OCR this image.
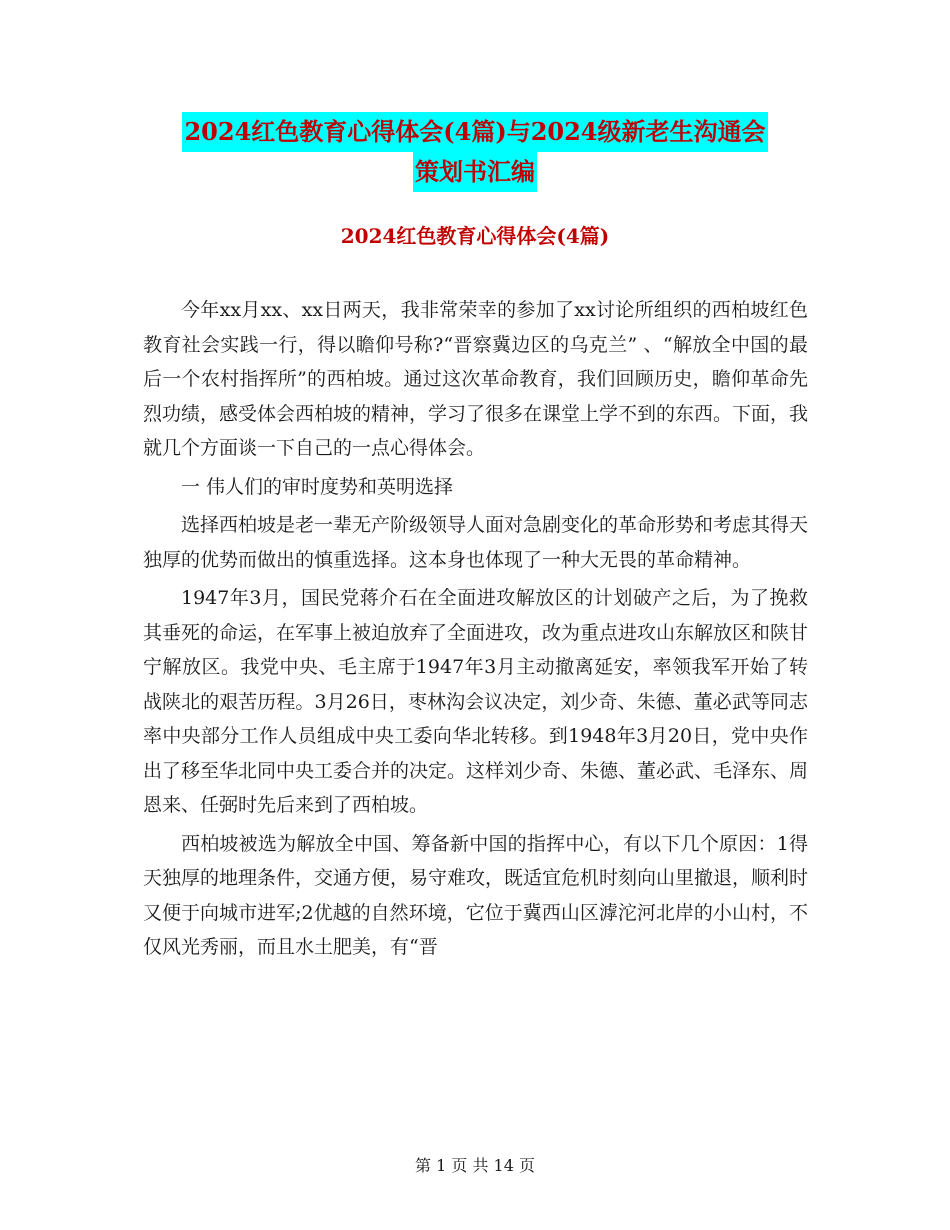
2024红色教育心得体会(4篇)与2024级新老生沟通会
策划书汇编
2024红色教育心得体会(4篇)

今年xx月xx、xx日两天，我非常荣幸的参加了xx讨论所组织的西柏坡红色教育社会实践一行，得以瞻仰号称?“晋察冀边区的乌克兰” 、“解放全中国的最后一个农村指挥所”的西柏坡。通过这次革命教育，我们回顾历史，瞻仰革命先烈功绩，感受体会西柏坡的精神，学习了很多在课堂上学不到的东西。下面，我就几个方面谈一下自己的一点心得体会。

一 伟人们的审时度势和英明选择

选择西柏坡是老一辈无产阶级领导人面对急剧变化的革命形势和考虑其得天独厚的优势而做出的慎重选择。这本身也体现了一种大无畏的革命精神。

1947年3月，国民党蒋介石在全面进攻解放区的计划破产之后，为了挽救其垂死的命运，在军事上被迫放弃了全面进攻，改为重点进攻山东解放区和陕甘宁解放区。我党中央、毛主席于1947年3月主动撤离延安，率领我军开始了转战陕北的艰苦历程。3月26日，枣林沟会议决定，刘少奇、朱德、董必武等同志率中央部分工作人员组成中央工委向华北转移。到1948年3月20日，党中央作出了移至华北同中央工委合并的决定。这样刘少奇、朱德、董必武、毛泽东、周恩来、任弼时先后来到了西柏坡。

西柏坡被选为解放全中国、筹备新中国的指挥中心，有以下几个原因：1得天独厚的地理条件，交通方便，易守难攻，既适宜危机时刻向山里撤退，顺利时又便于向城市进军;2优越的自然环境，它位于冀西山区滹沱河北岸的小山村，不仅风光秀丽，而且水土肥美，有“晋

第 1 页 共 14 页
